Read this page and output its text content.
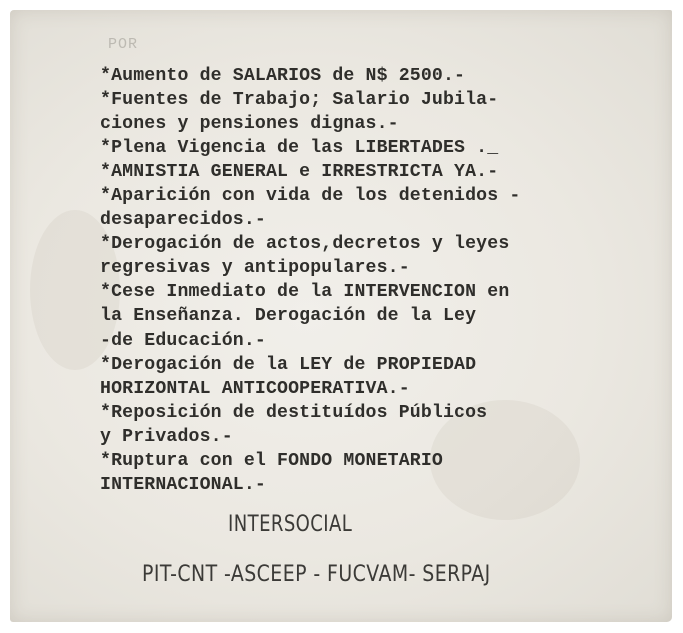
POR
*Aumento de SALARIOS de N$ 2500.-
*Fuentes de Trabajo; Salario Jubila-
ciones y pensiones dignas.-
*Plena Vigencia de las LIBERTADES ._
*AMNISTIA GENERAL e IRRESTRICTA YA.-
*Aparición con vida de los detenidos -
desaparecidos.-
*Derogación de actos,decretos y leyes
regresivas y antipopulares.-
*Cese Inmediato de la INTERVENCION en
la Enseñanza. Derogación de la Ley
-de Educación.-
*Derogación de la LEY de PROPIEDAD
HORIZONTAL ANTICOOPERATIVA.-
*Reposición de destituídos Públicos
y Privados.-
*Ruptura con el FONDO MONETARIO
INTERNACIONAL.-
INTERSOCIAL
PIT-CNT -ASCEEP - FUCVAM- SERPAJ
